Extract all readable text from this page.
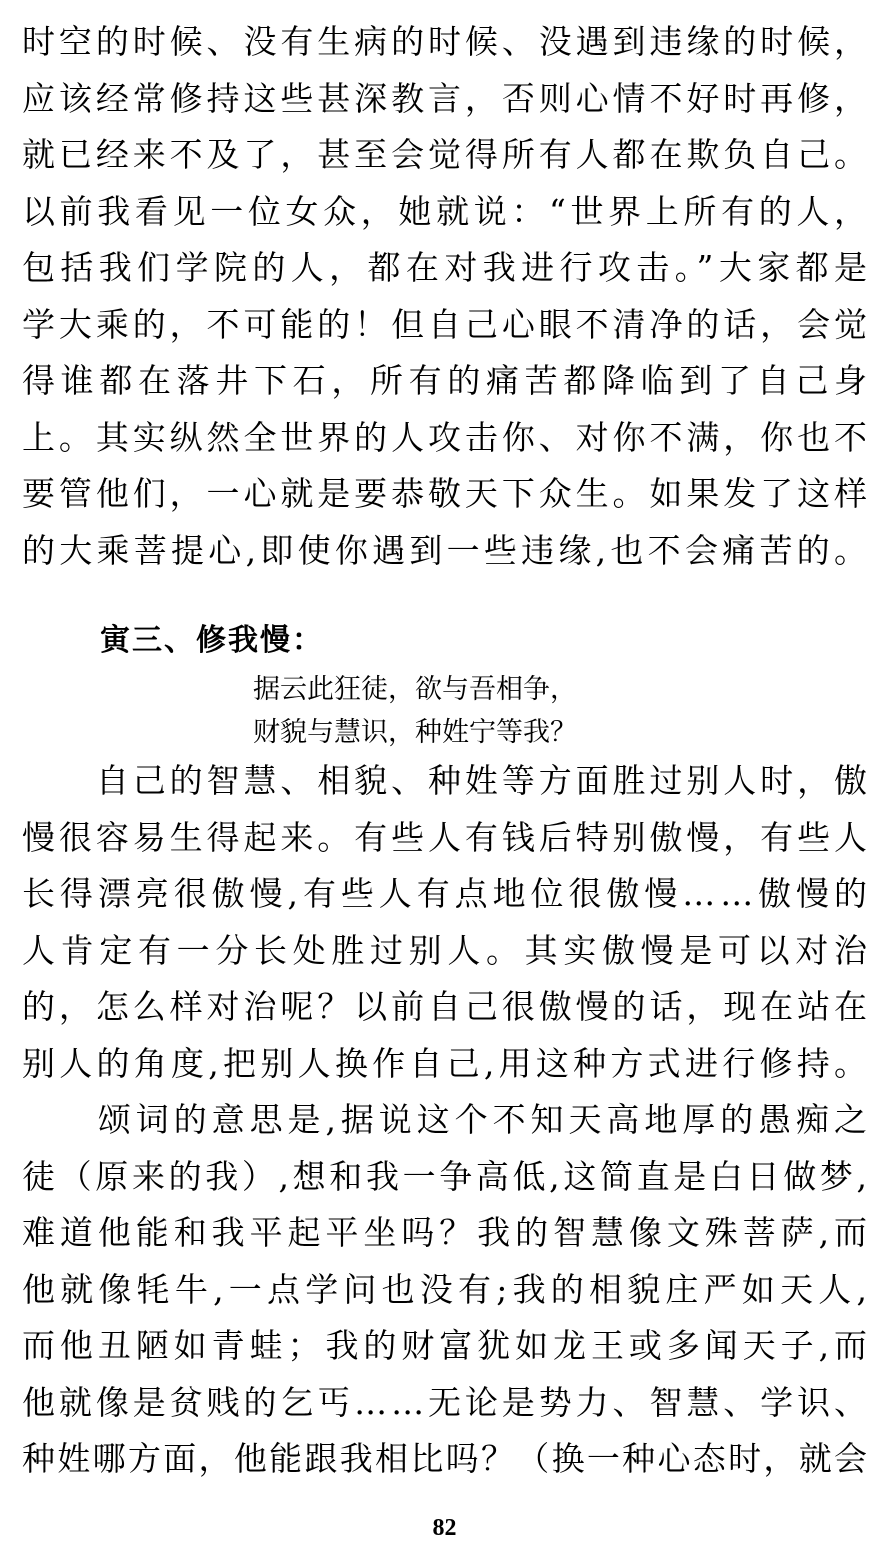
时空的时候、没有生病的时候、没遇到违缘的时候，
应该经常修持这些甚深教言，否则心情不好时再修，
就已经来不及了，甚至会觉得所有人都在欺负自己。
以前我看见一位女众，她就说：“世界上所有的人，
包括我们学院的人，都在对我进行攻击。”大家都是
学大乘的，不可能的！但自己心眼不清净的话，会觉
得谁都在落井下石，所有的痛苦都降临到了自己身
上。其实纵然全世界的人攻击你、对你不满，你也不
要管他们，一心就是要恭敬天下众生。如果发了这样
的大乘菩提心,即使你遇到一些违缘,也不会痛苦的。
寅三、修我慢：
据云此狂徒，欲与吾相争，
财貌与慧识，种姓宁等我？
　　自己的智慧、相貌、种姓等方面胜过别人时，傲
慢很容易生得起来。有些人有钱后特别傲慢，有些人
长得漂亮很傲慢,有些人有点地位很傲慢……傲慢的
人肯定有一分长处胜过别人。其实傲慢是可以对治
的，怎么样对治呢？以前自己很傲慢的话，现在站在
别人的角度,把别人换作自己,用这种方式进行修持。
　　颂词的意思是,据说这个不知天高地厚的愚痴之
徒（原来的我）,想和我一争高低,这简直是白日做梦,
难道他能和我平起平坐吗？我的智慧像文殊菩萨,而
他就像牦牛,一点学问也没有;我的相貌庄严如天人,
而他丑陋如青蛙；我的财富犹如龙王或多闻天子,而
他就像是贫贱的乞丐……无论是势力、智慧、学识、
种姓哪方面，他能跟我相比吗？（换一种心态时，就会
82
